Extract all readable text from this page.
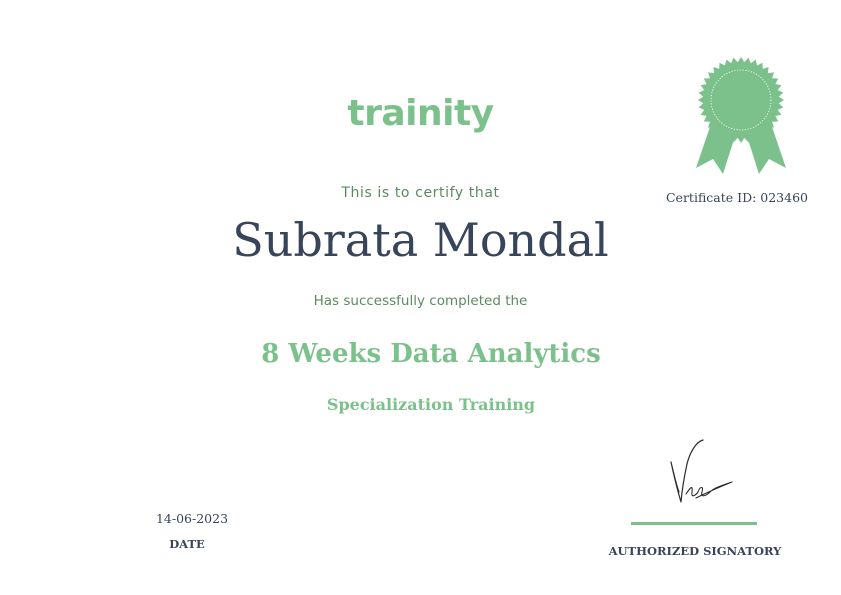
trainity
Certificate ID: 023460
This is to certify that
Subrata Mondal
Has successfully completed the
8 Weeks Data Analytics
Specialization Training
14-06-2023
DATE	AUTHORIZED SIGNATORY
